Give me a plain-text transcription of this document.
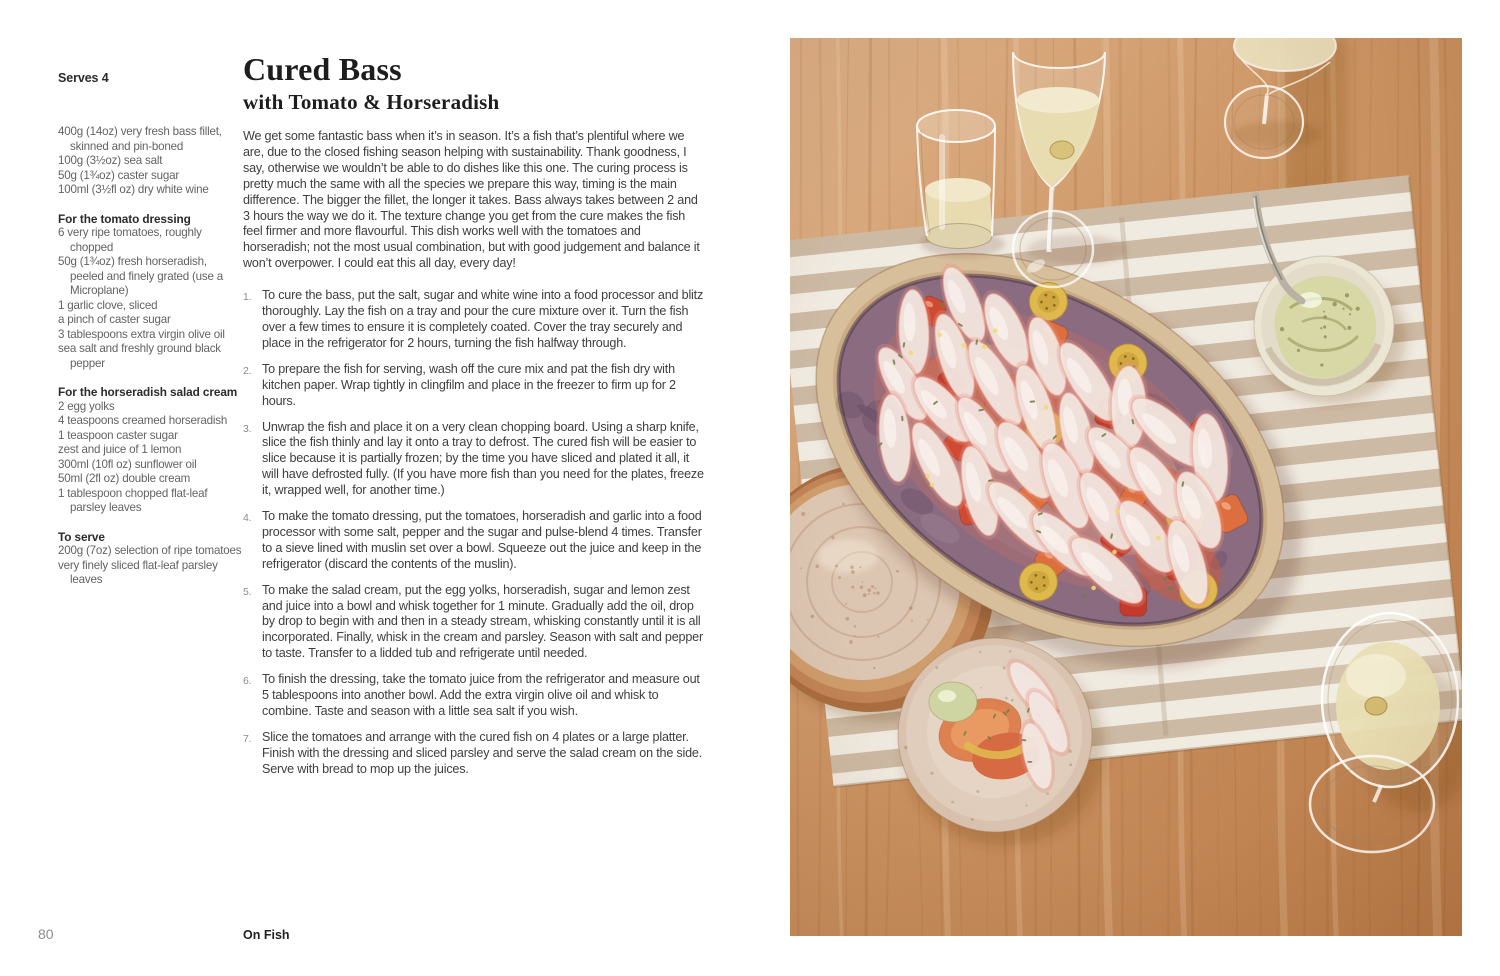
Serves 4
400g (14oz) very fresh bass fillet, skinned and pin-boned
100g (3½oz) sea salt
50g (1¾oz) caster sugar
100ml (3½fl oz) dry white wine
For the tomato dressing
6 very ripe tomatoes, roughly chopped
50g (1¾oz) fresh horseradish, peeled and finely grated (use a Microplane)
1 garlic clove, sliced
a pinch of caster sugar
3 tablespoons extra virgin olive oil
sea salt and freshly ground black pepper
For the horseradish salad cream
2 egg yolks
4 teaspoons creamed horseradish
1 teaspoon caster sugar
zest and juice of 1 lemon
300ml (10fl oz) sunflower oil
50ml (2fl oz) double cream
1 tablespoon chopped flat-leaf parsley leaves
To serve
200g (7oz) selection of ripe tomatoes
very finely sliced flat-leaf parsley leaves
Cured Bass
with Tomato & Horseradish

We get some fantastic bass when it’s in season. It’s a fish that’s plentiful where we are, due to the closed fishing season helping with sustainability. Thank goodness, I say, otherwise we wouldn’t be able to do dishes like this one. The curing process is pretty much the same with all the species we prepare this way, timing is the main difference. The bigger the fillet, the longer it takes. Bass always takes between 2 and 3 hours the way we do it. The texture change you get from the cure makes the fish feel firmer and more flavourful. This dish works well with the tomatoes and horseradish; not the most usual combination, but with good judgement and balance it won’t overpower. I could eat this all day, every day!

1. To cure the bass, put the salt, sugar and white wine into a food processor and blitz thoroughly. Lay the fish on a tray and pour the cure mixture over it. Turn the fish over a few times to ensure it is completely coated. Cover the tray securely and place in the refrigerator for 2 hours, turning the fish halfway through.
2. To prepare the fish for serving, wash off the cure mix and pat the fish dry with kitchen paper. Wrap tightly in clingfilm and place in the freezer to firm up for 2 hours.
3. Unwrap the fish and place it on a very clean chopping board. Using a sharp knife, slice the fish thinly and lay it onto a tray to defrost. The cured fish will be easier to slice because it is partially frozen; by the time you have sliced and plated it all, it will have defrosted fully. (If you have more fish than you need for the plates, freeze it, wrapped well, for another time.)
4. To make the tomato dressing, put the tomatoes, horseradish and garlic into a food processor with some salt, pepper and the sugar and pulse-blend 4 times. Transfer to a sieve lined with muslin set over a bowl. Squeeze out the juice and keep in the refrigerator (discard the contents of the muslin).
5. To make the salad cream, put the egg yolks, horseradish, sugar and lemon zest and juice into a bowl and whisk together for 1 minute. Gradually add the oil, drop by drop to begin with and then in a steady stream, whisking constantly until it is all incorporated. Finally, whisk in the cream and parsley. Season with salt and pepper to taste. Transfer to a lidded tub and refrigerate until needed.
6. To finish the dressing, take the tomato juice from the refrigerator and measure out 5 tablespoons into another bowl. Add the extra virgin olive oil and whisk to combine. Taste and season with a little sea salt if you wish.
7. Slice the tomatoes and arrange with the cured fish on 4 plates or a large platter. Finish with the dressing and sliced parsley and serve the salad cream on the side. Serve with bread to mop up the juices.
80	On Fish
